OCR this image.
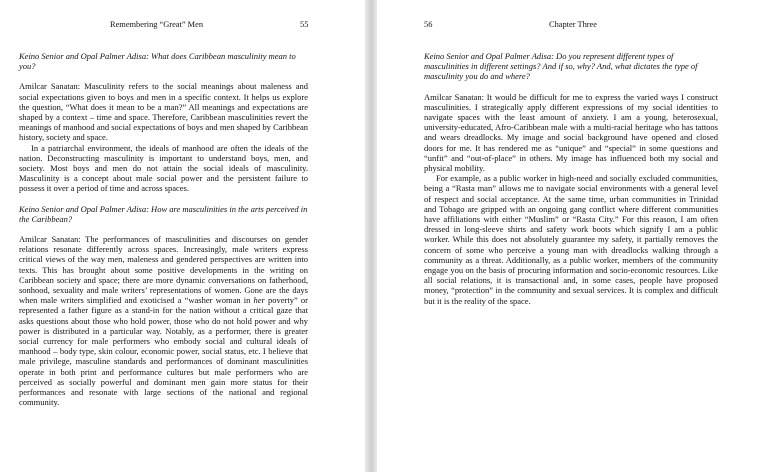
Remembering “Great” Men	55

Keino Senior and Opal Palmer Adisa: What does Caribbean masculinity mean to you?

Amilcar Sanatan: Masculinity refers to the social meanings about maleness and social expectations given to boys and men in a specific context. It helps us explore the question, “What does it mean to be a man?” All meanings and expectations are shaped by a context – time and space. Therefore, Caribbean masculinities revert the meanings of manhood and social expectations of boys and men shaped by Caribbean history, society and space.

In a patriarchal environment, the ideals of manhood are often the ideals of the nation. Deconstructing masculinity is important to understand boys, men, and society. Most boys and men do not attain the social ideals of masculinity. Masculinity is a concept about male social power and the persistent failure to possess it over a period of time and across spaces.

Keino Senior and Opal Palmer Adisa: How are masculinities in the arts perceived in the Caribbean?

Amilcar Sanatan: The performances of masculinities and discourses on gender relations resonate differently across spaces. Increasingly, male writers express critical views of the way men, maleness and gendered perspectives are written into texts. This has brought about some positive developments in the writing on Caribbean society and space; there are more dynamic conversations on fatherhood, sonhood, sexuality and male writers’ representations of women. Gone are the days when male writers simplified and exoticised a “washer woman in her poverty” or represented a father figure as a stand-in for the nation without a critical gaze that asks questions about those who hold power, those who do not hold power and why power is distributed in a particular way. Notably, as a performer, there is greater social currency for male performers who embody social and cultural ideals of manhood – body type, skin colour, economic power, social status, etc. I believe that male privilege, masculine standards and performances of dominant masculinities operate in both print and performance cultures but male performers who are perceived as socially powerful and dominant men gain more status for their performances and resonate with large sections of the national and regional community.

56	Chapter Three

Keino Senior and Opal Palmer Adisa: Do you represent different types of masculinities in different settings? And if so, why? And, what dictates the type of masculinity you do and where?

Amilcar Sanatan: It would be difficult for me to express the varied ways I construct masculinities. I strategically apply different expressions of my social identities to navigate spaces with the least amount of anxiety. I am a young, heterosexual, university-educated, Afro-Caribbean male with a multi-racial heritage who has tattoos and wears dreadlocks. My image and social background have opened and closed doors for me. It has rendered me as “unique” and “special” in some questions and “unfit” and “out-of-place” in others. My image has influenced both my social and physical mobility.

For example, as a public worker in high-need and socially excluded communities, being a “Rasta man” allows me to navigate social environments with a general level of respect and social acceptance. At the same time, urban communities in Trinidad and Tobago are gripped with an ongoing gang conflict where different communities have affiliations with either “Muslim” or “Rasta City.” For this reason, I am often dressed in long-sleeve shirts and safety work boots which signify I am a public worker. While this does not absolutely guarantee my safety, it partially removes the concern of some who perceive a young man with dreadlocks walking through a community as a threat. Additionally, as a public worker, members of the community engage you on the basis of procuring information and socio-economic resources. Like all social relations, it is transactional and, in some cases, people have proposed money, “protection” in the community and sexual services. It is complex and difficult but it is the reality of the space.
